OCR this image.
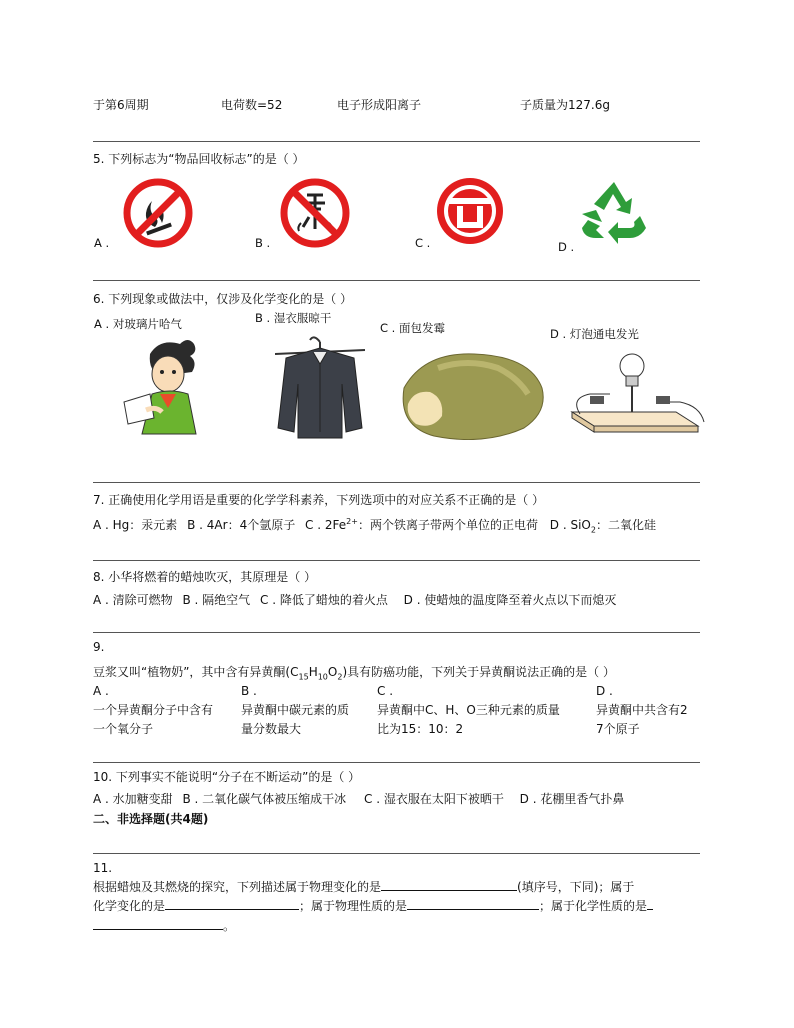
于第6周期	电荷数=52	电子形成阳离子	子质量为127.6g
5. 下列标志为“物品回收标志”的是（ ）
A .	B .	C .	D .
6. 下列现象或做法中，仅涉及化学变化的是（ ）
A . 对玻璃片哈气	B . 湿衣服晾干
C . 面包发霉	D . 灯泡通电发光
7. 正确使用化学用语是重要的化学学科素养，下列选项中的对应关系不正确的是（ ）
A . Hg：汞元素 B . 4Ar：4个氩原子 C . $2Fe^{2+}$：两个铁离子带两个单位的正电荷 D . SiO$_2$：二氧化硅
8. 小华将燃着的蜡烛吹灭，其原理是（ ）
A . 清除可燃物 B . 隔绝空气 C . 降低了蜡烛的着火点 D . 使蜡烛的温度降至着火点以下而熄灭
9.
豆浆又叫“植物奶”，其中含有异黄酮$(C_{15}H_{10}O_2)$具有防癌功能，下列关于异黄酮说法正确的是（ ）
A .
一个异黄酮分子中含有
一个氧分子
B .
异黄酮中碳元素的质
量分数最大
C .
异黄酮中C、H、O三种元素的质量
比为15：10：2
D .
异黄酮中共含有2
7个原子
10. 下列事实不能说明“分子在不断运动”的是（ ）
A . 水加糖变甜 B . 二氧化碳气体被压缩成干冰 C . 湿衣服在太阳下被晒干 D . 花棚里香气扑鼻
二、非选择题(共4题)
11.
根据蜡烛及其燃烧的探究，下列描述属于物理变化的是	(填序号，下同)；属于
化学变化的是	；属于物理性质的是	；属于化学性质的是
。
